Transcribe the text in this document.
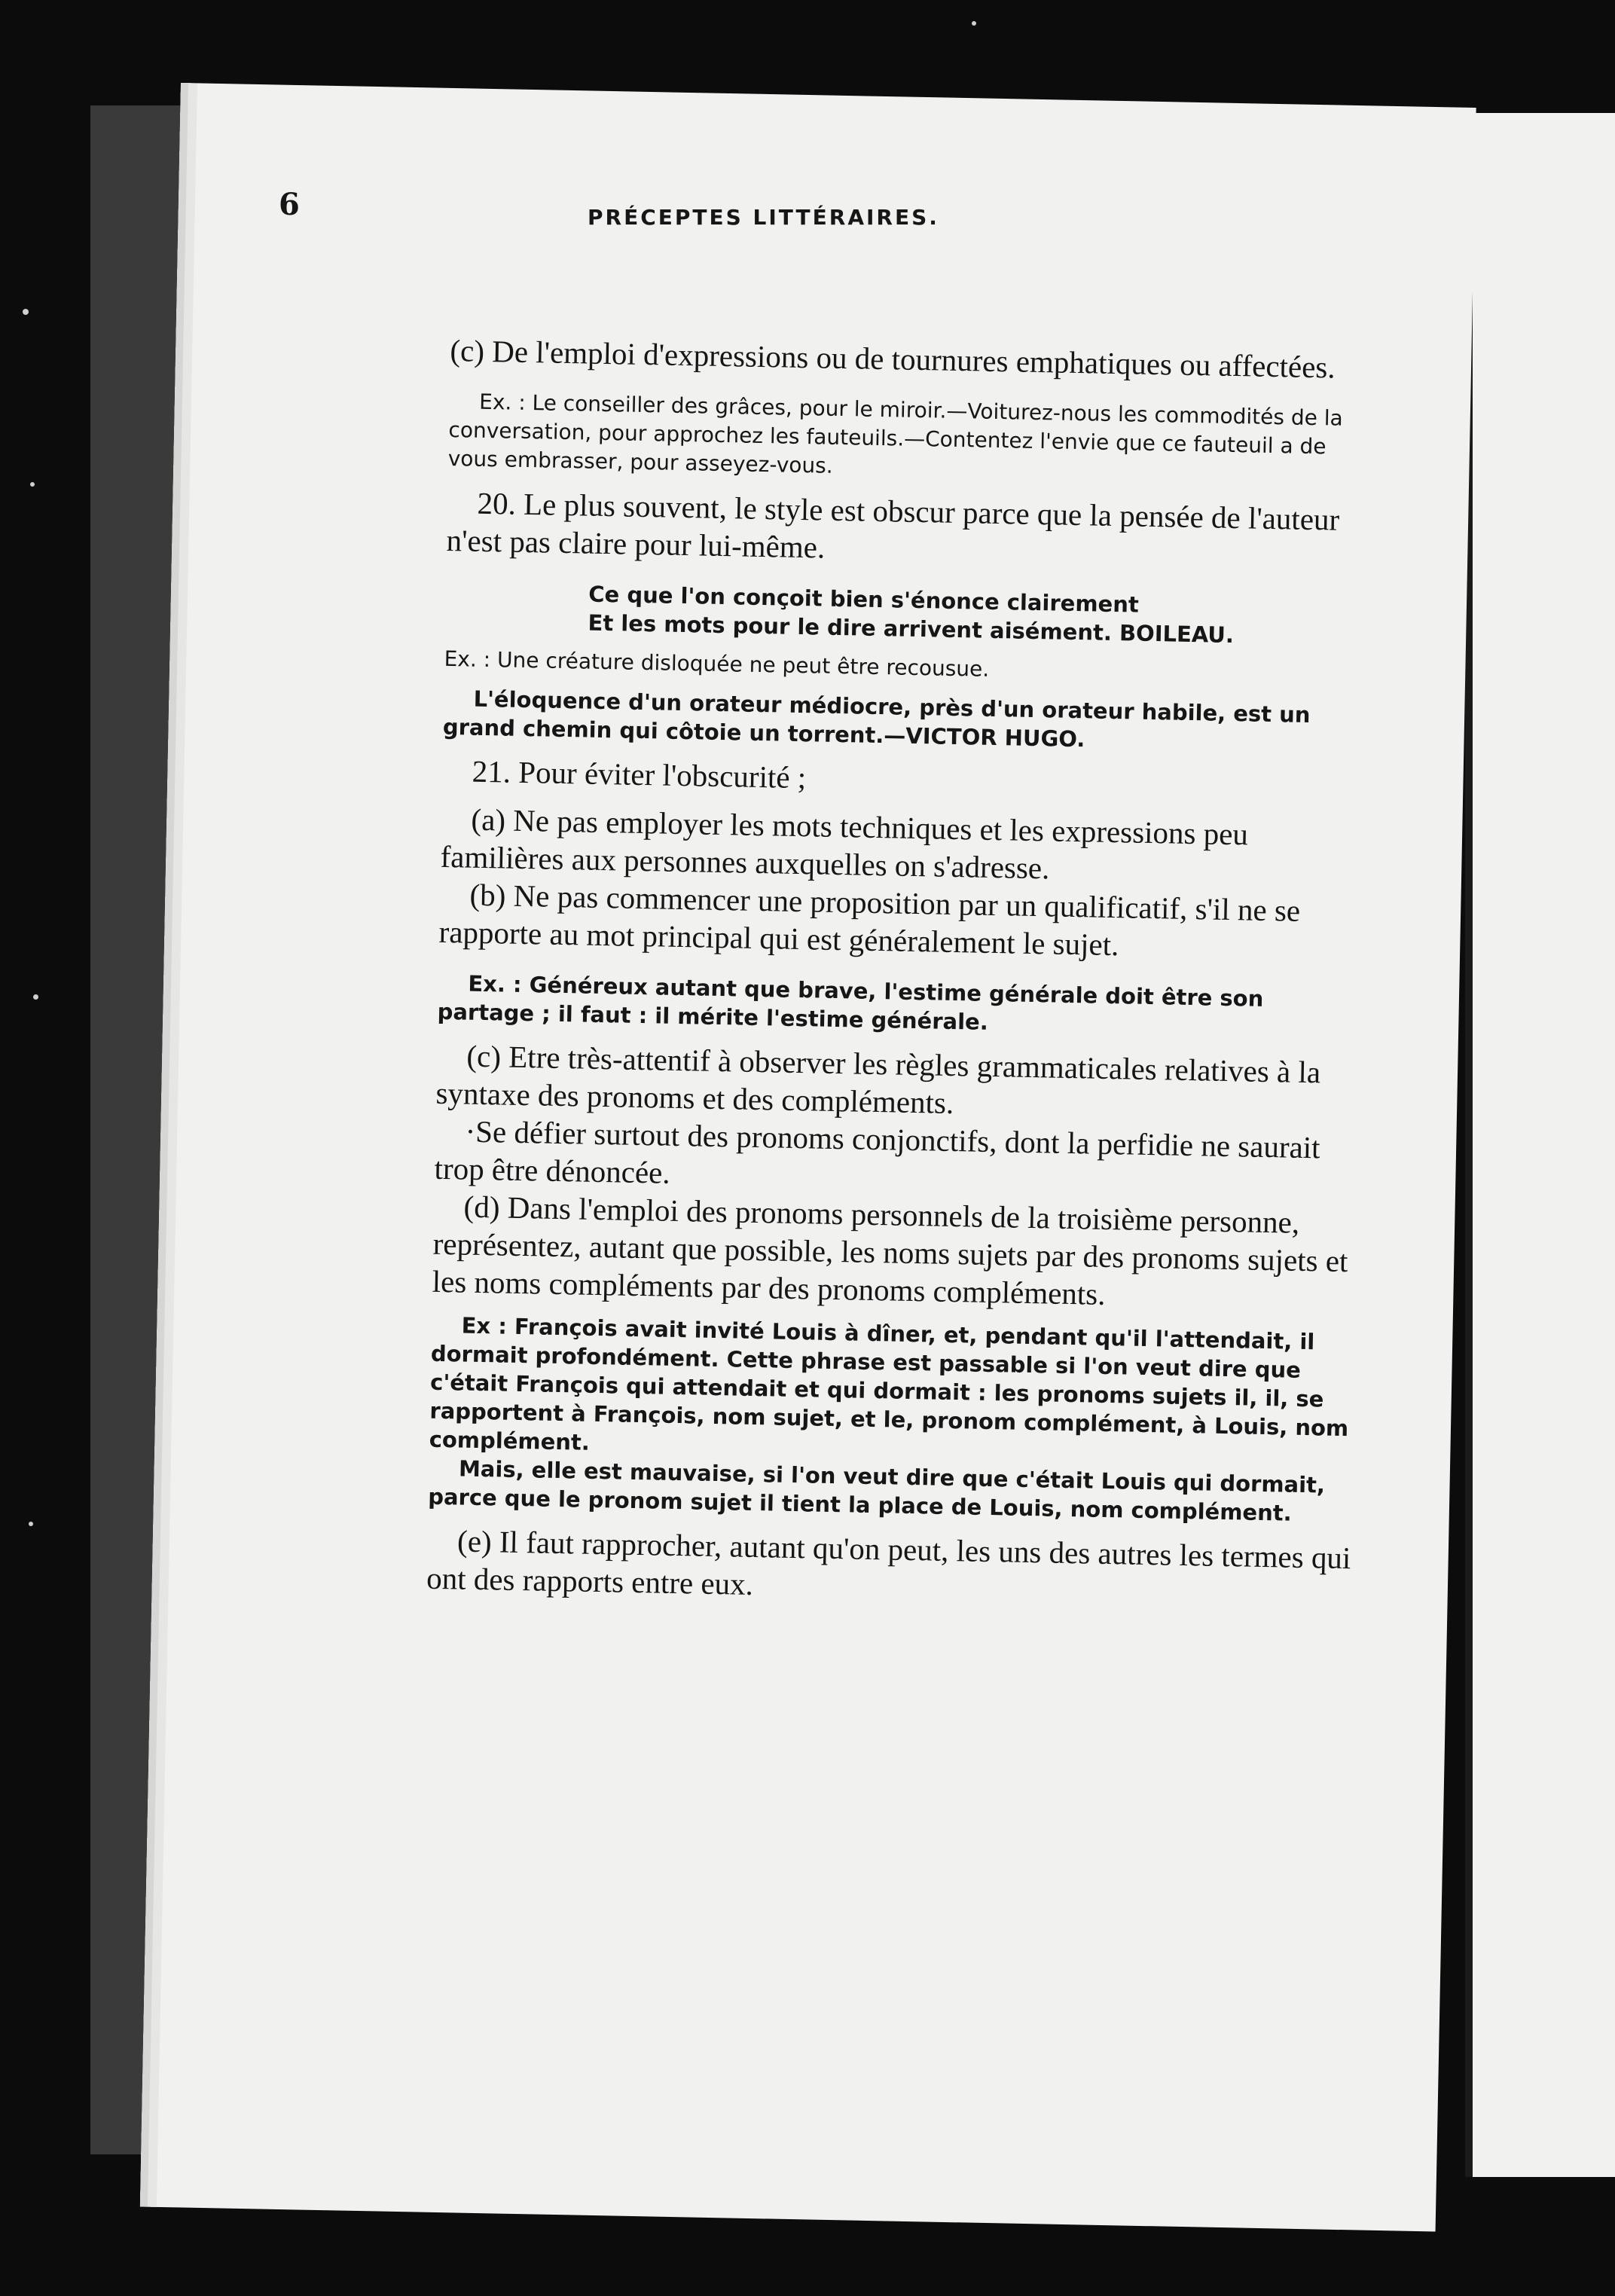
6	PRÉCEPTES LITTÉRAIRES.

(c) De l'emploi d'expressions ou de tournures emphatiques ou affectées.

Ex. : Le conseiller des grâces, pour le miroir.—Voiturez-nous les commodités de la conversation, pour approchez les fauteuils.—Contentez l'envie que ce fauteuil a de vous embrasser, pour asseyez-vous.

20. Le plus souvent, le style est obscur parce que la pensée de l'auteur n'est pas claire pour lui-même.

Ce que l'on conçoit bien s'énonce clairement

Et les mots pour le dire arrivent aisément. BOILEAU.

Ex. : Une créature disloquée ne peut être recousue.

L'éloquence d'un orateur médiocre, près d'un orateur habile, est un grand chemin qui côtoie un torrent.—VICTOR HUGO.

21. Pour éviter l'obscurité ;

(a) Ne pas employer les mots techniques et les expressions peu familières aux personnes auxquelles on s'adresse.

(b) Ne pas commencer une proposition par un qualificatif, s'il ne se rapporte au mot principal qui est généralement le sujet.

Ex. : Généreux autant que brave, l'estime générale doit être son partage ; il faut : il mérite l'estime générale.

(c) Etre très-attentif à observer les règles grammaticales relatives à la syntaxe des pronoms et des compléments.

·Se défier surtout des pronoms conjonctifs, dont la perfidie ne saurait trop être dénoncée.

(d) Dans l'emploi des pronoms personnels de la troisième personne, représentez, autant que possible, les noms sujets par des pronoms sujets et les noms compléments par des pronoms compléments.

Ex : François avait invité Louis à dîner, et, pendant qu'il l'attendait, il dormait profondément. Cette phrase est passable si l'on veut dire que c'était François qui attendait et qui dormait : les pronoms sujets il, il, se rapportent à François, nom sujet, et le, pronom complément, à Louis, nom complément.

Mais, elle est mauvaise, si l'on veut dire que c'était Louis qui dormait, parce que le pronom sujet il tient la place de Louis, nom complément.

(e) Il faut rapprocher, autant qu'on peut, les uns des autres les termes qui ont des rapports entre eux.
